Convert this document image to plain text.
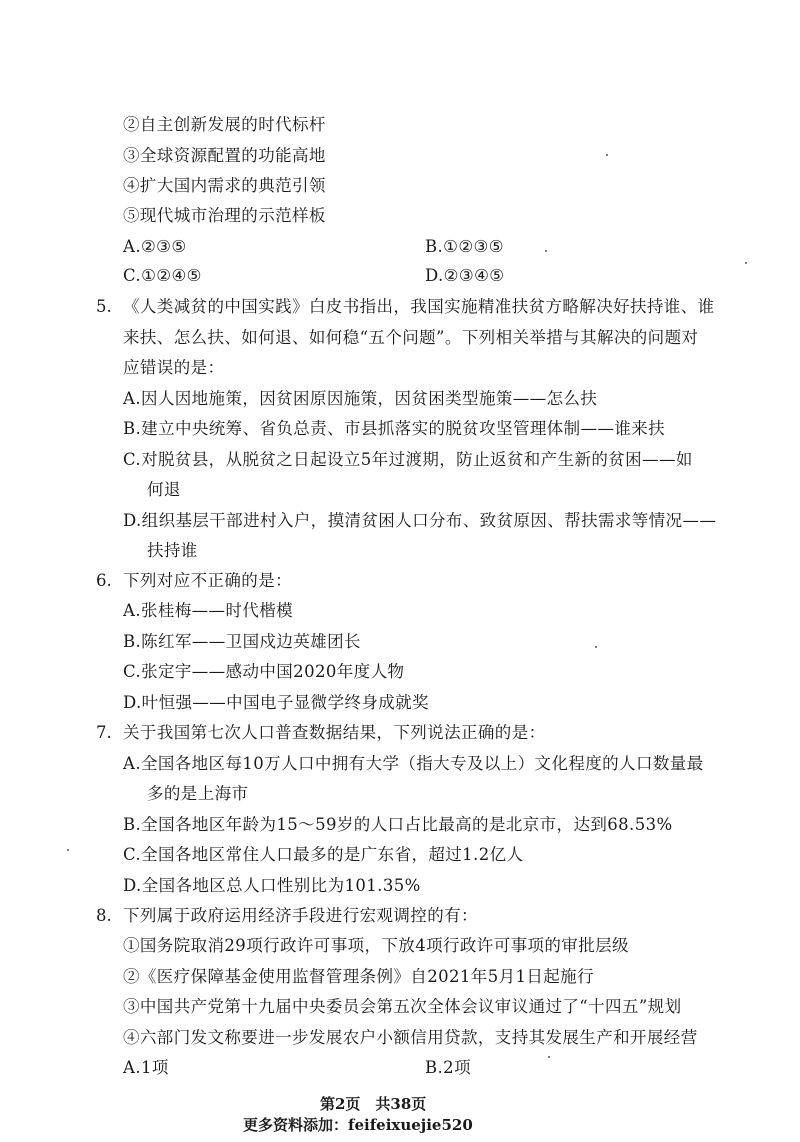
②自主创新发展的时代标杆
③全球资源配置的功能高地
④扩大国内需求的典范引领
⑤现代城市治理的示范样板
A.②③⑤	B.①②③⑤
C.①②④⑤	D.②③④⑤
5. 《人类减贫的中国实践》白皮书指出，我国实施精准扶贫方略解决好扶持谁、谁
来扶、怎么扶、如何退、如何稳“五个问题”。下列相关举措与其解决的问题对
应错误的是：
A.因人因地施策，因贫困原因施策，因贫困类型施策——怎么扶
B.建立中央统筹、省负总责、市县抓落实的脱贫攻坚管理体制——谁来扶
C.对脱贫县，从脱贫之日起设立5年过渡期，防止返贫和产生新的贫困——如
何退
D.组织基层干部进村入户，摸清贫困人口分布、致贫原因、帮扶需求等情况——
扶持谁
6. 下列对应不正确的是：
A.张桂梅——时代楷模
B.陈红军——卫国戍边英雄团长
C.张定宇——感动中国2020年度人物
D.叶恒强——中国电子显微学终身成就奖
7. 关于我国第七次人口普查数据结果，下列说法正确的是：
A.全国各地区每10万人口中拥有大学（指大专及以上）文化程度的人口数量最
多的是上海市
B.全国各地区年龄为15～59岁的人口占比最高的是北京市，达到68.53%
C.全国各地区常住人口最多的是广东省，超过1.2亿人
D.全国各地区总人口性别比为101.35%
8. 下列属于政府运用经济手段进行宏观调控的有：
①国务院取消29项行政许可事项，下放4项行政许可事项的审批层级
②《医疗保障基金使用监督管理条例》自2021年5月1日起施行
③中国共产党第十九届中央委员会第五次全体会议审议通过了“十四五”规划
④六部门发文称要进一步发展农户小额信用贷款，支持其发展生产和开展经营
A.1项	B.2项
第2页　共38页
更多资料添加：feifeixuejie520
